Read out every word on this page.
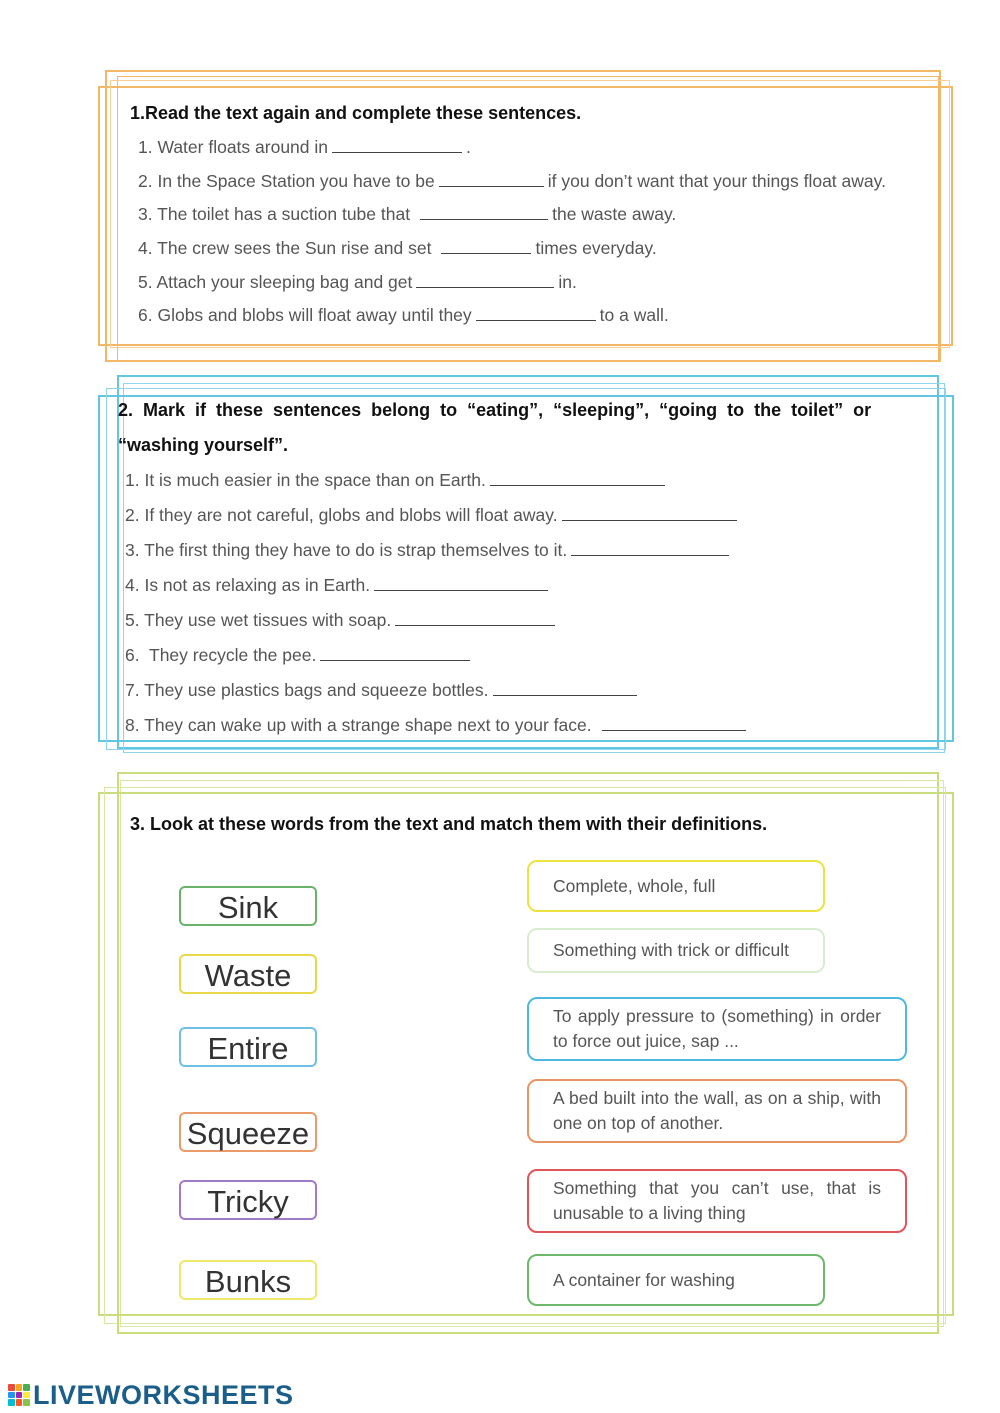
1.Read the text again and complete these sentences.
1. Water floats around in	.
2. In the Space Station you have to be	if you don’t want that your things float away.
3. The toilet has a suction tube that	the waste away.
4. The crew sees the Sun rise and set	times everyday.
5. Attach your sleeping bag and get	in.
6. Globs and blobs will float away until they	to a wall.
2.  Mark  if  these  sentences  belong  to  “eating”,  “sleeping”,  “going  to  the  toilet”  or
“washing yourself”.
1. It is much easier in the space than on Earth.
2. If they are not careful, globs and blobs will float away.
3. The first thing they have to do is strap themselves to it.
4. Is not as relaxing as in Earth.
5. They use wet tissues with soap.
6.  They recycle the pee.
7. They use plastics bags and squeeze bottles.
8. They can wake up with a strange shape next to your face.
3. Look at these words from the text and match them with their definitions.
Sink
Waste
Entire
Squeeze
Tricky
Bunks
Complete, whole, full
Something with trick or difficult
To apply pressure to (something) in order to force out juice, sap ...
A bed built into the wall, as on a ship, with one on top of another.
Something that you can’t use, that is unusable to a living thing
A container for washing
LIVEWORKSHEETS
